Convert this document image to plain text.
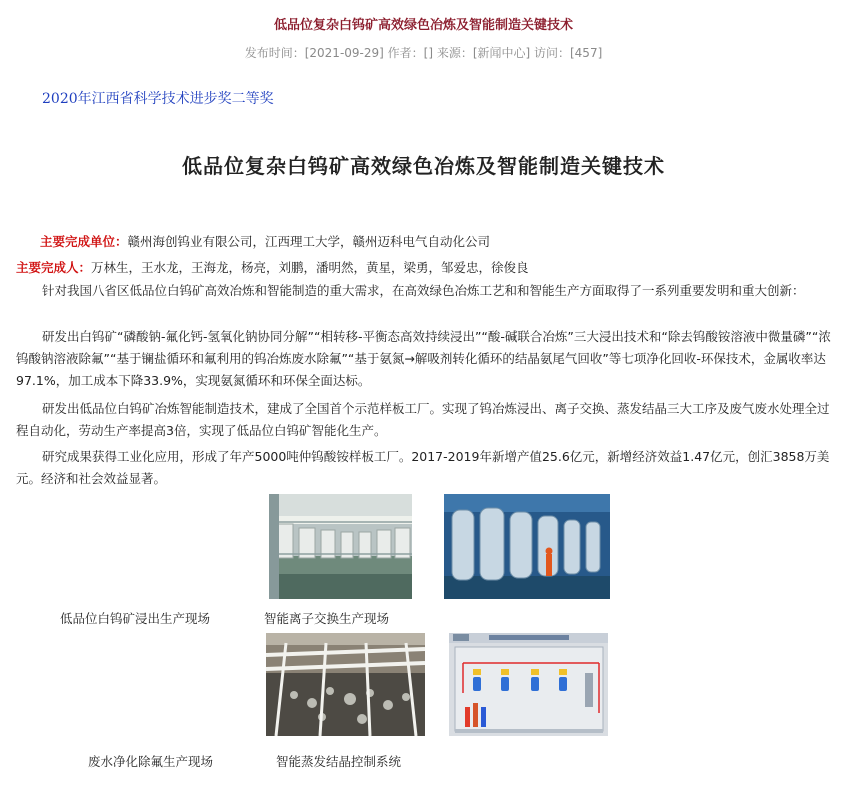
低品位复杂白钨矿高效绿色冶炼及智能制造关键技术
发布时间：[2021-09-29] 作者：[] 来源：[新闻中心] 访问：[457]
2020年江西省科学技术进步奖二等奖
低品位复杂白钨矿高效绿色冶炼及智能制造关键技术
主要完成单位：赣州海创钨业有限公司，江西理工大学，赣州迈科电气自动化公司
主要完成人：万林生，王水龙，王海龙，杨亮，刘鹏，潘明然，黄星，梁勇，邹爱忠，徐俊良
针对我国八省区低品位白钨矿高效冶炼和智能制造的重大需求，在高效绿色冶炼工艺和和智能生产方面取得了一系列重要发明和重大创新：
研发出白钨矿“磷酸钠-氟化钙-氢氧化钠协同分解”“相转移-平衡态高效持续浸出”“酸-碱联合冶炼”三大浸出技术和“除去钨酸铵溶液中微量磷”“浓钨酸钠溶液除氟”“基于镧盐循环和氟利用的钨冶炼废水除氟”“基于氨氮→解吸剂转化循环的结晶氨尾气回收”等七项净化回收-环保技术，金属收率达97.1%，加工成本下降33.9%，实现氨氮循环和环保全面达标。
研发出低品位白钨矿冶炼智能制造技术，建成了全国首个示范样板工厂。实现了钨冶炼浸出、离子交换、蒸发结晶三大工序及废气废水处理全过程自动化，劳动生产率提高3倍，实现了低品位白钨矿智能化生产。
研究成果获得工业化应用，形成了年产5000吨仲钨酸铵样板工厂。2017-2019年新增产值25.6亿元，新增经济效益1.47亿元，创汇3858万美元。经济和社会效益显著。
低品位白钨矿浸出生产现场	智能离子交换生产现场
废水净化除氟生产现场	智能蒸发结晶控制系统
